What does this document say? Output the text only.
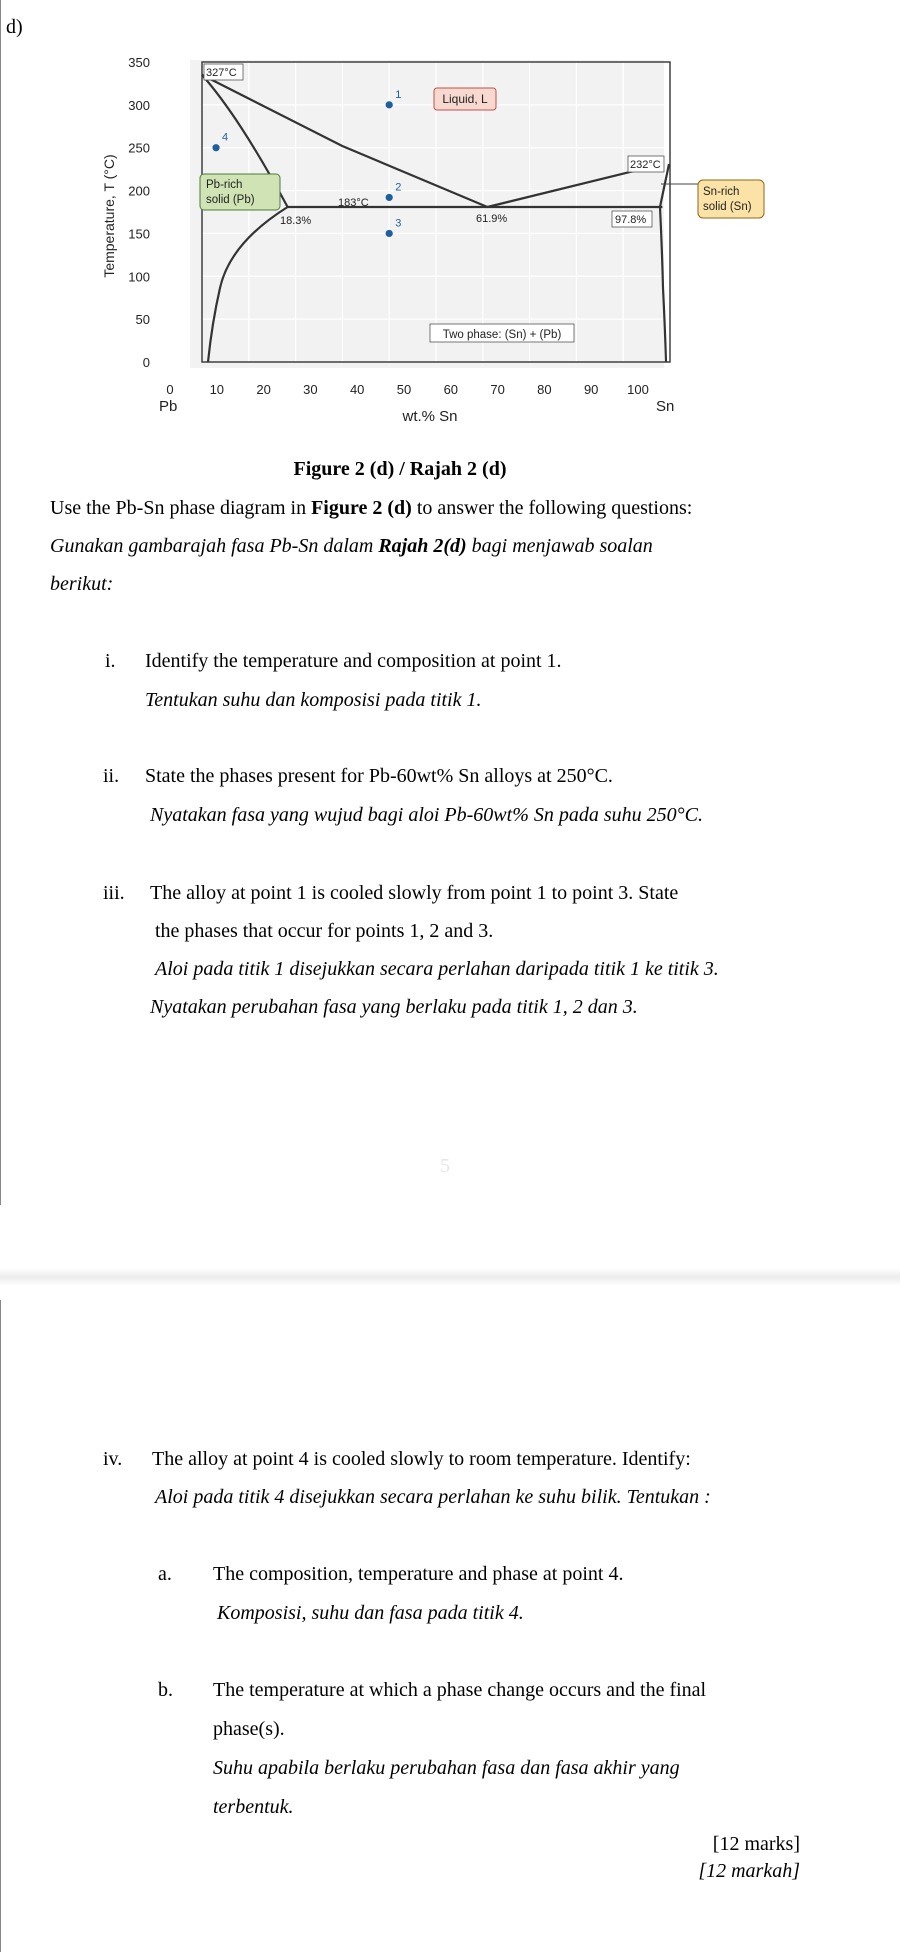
d)
0
50
100
150
200
250
300
350
0	10 20 30 40 50 60 70 80 90 100
Temperature, T (°C)
Pb	Sn
wt.% Sn
327°C
232°C
183°C
18.3%	61.9%	97.8%
Liquid, L
Pb-rich
solid (Pb)
Sn-rich
solid (Sn)
Two phase: (Sn) + (Pb)
1
2
3
4
Figure 2 (d) / Rajah 2 (d)
Use the Pb-Sn phase diagram in Figure 2 (d) to answer the following questions:
Gunakan gambarajah fasa Pb-Sn dalam Rajah 2(d) bagi menjawab soalan
berikut:
i. Identify the temperature and composition at point 1.
Tentukan suhu dan komposisi pada titik 1.
ii. State the phases present for Pb-60wt% Sn alloys at 250°C.
Nyatakan fasa yang wujud bagi aloi Pb-60wt% Sn pada suhu 250°C.
iii. The alloy at point 1 is cooled slowly from point 1 to point 3. State
the phases that occur for points 1, 2 and 3.
Aloi pada titik 1 disejukkan secara perlahan daripada titik 1 ke titik 3.
Nyatakan perubahan fasa yang berlaku pada titik 1, 2 dan 3.
5
iv. The alloy at point 4 is cooled slowly to room temperature. Identify:
Aloi pada titik 4 disejukkan secara perlahan ke suhu bilik. Tentukan :
a. The composition, temperature and phase at point 4.
Komposisi, suhu dan fasa pada titik 4.
b. The temperature at which a phase change occurs and the final
phase(s).
Suhu apabila berlaku perubahan fasa dan fasa akhir yang
terbentuk.
[12 marks]
[12 markah]
